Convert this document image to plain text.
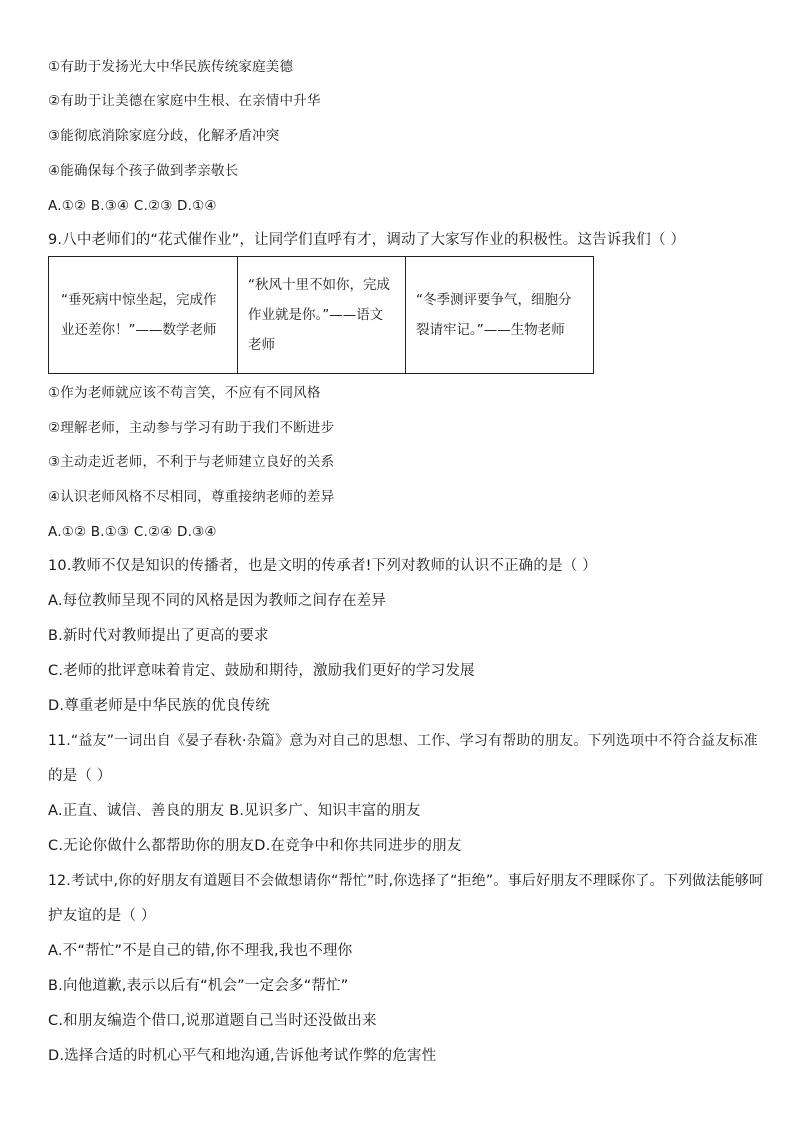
①有助于发扬光大中华民族传统家庭美德
②有助于让美德在家庭中生根、在亲情中升华
③能彻底消除家庭分歧，化解矛盾冲突
④能确保每个孩子做到孝亲敬长
A.①② B.③④ C.②③ D.①④
9.八中老师们的“花式催作业”，让同学们直呼有才，调动了大家写作业的积极性。这告诉我们（ ）
“垂死病中惊坐起，完成作业还差你！”——数学老师	“秋风十里不如你，完成作业就是你。”——语文老师	“冬季测评要争气，细胞分裂请牢记。”——生物老师
①作为老师就应该不苟言笑，不应有不同风格
②理解老师，主动参与学习有助于我们不断进步
③主动走近老师，不利于与老师建立良好的关系
④认识老师风格不尽相同，尊重接纳老师的差异
A.①② B.①③ C.②④ D.③④
10.教师不仅是知识的传播者，也是文明的传承者!下列对教师的认识不正确的是（ ）
A.每位教师呈现不同的风格是因为教师之间存在差异
B.新时代对教师提出了更高的要求
C.老师的批评意味着肯定、鼓励和期待，激励我们更好的学习发展
D.尊重老师是中华民族的优良传统
11.“益友”一词出自《晏子春秋·杂篇》意为对自己的思想、工作、学习有帮助的朋友。下列选项中不符合益友标准
的是（ ）
A.正直、诚信、善良的朋友 B.见识多广、知识丰富的朋友
C.无论你做什么都帮助你的朋友D.在竞争中和你共同进步的朋友
12.考试中,你的好朋友有道题目不会做想请你“帮忙”时,你选择了“拒绝”。事后好朋友不理睬你了。下列做法能够呵
护友谊的是（ ）
A.不“帮忙”不是自己的错,你不理我,我也不理你
B.向他道歉,表示以后有“机会”一定会多“帮忙”
C.和朋友编造个借口,说那道题自己当时还没做出来
D.选择合适的时机心平气和地沟通,告诉他考试作弊的危害性
